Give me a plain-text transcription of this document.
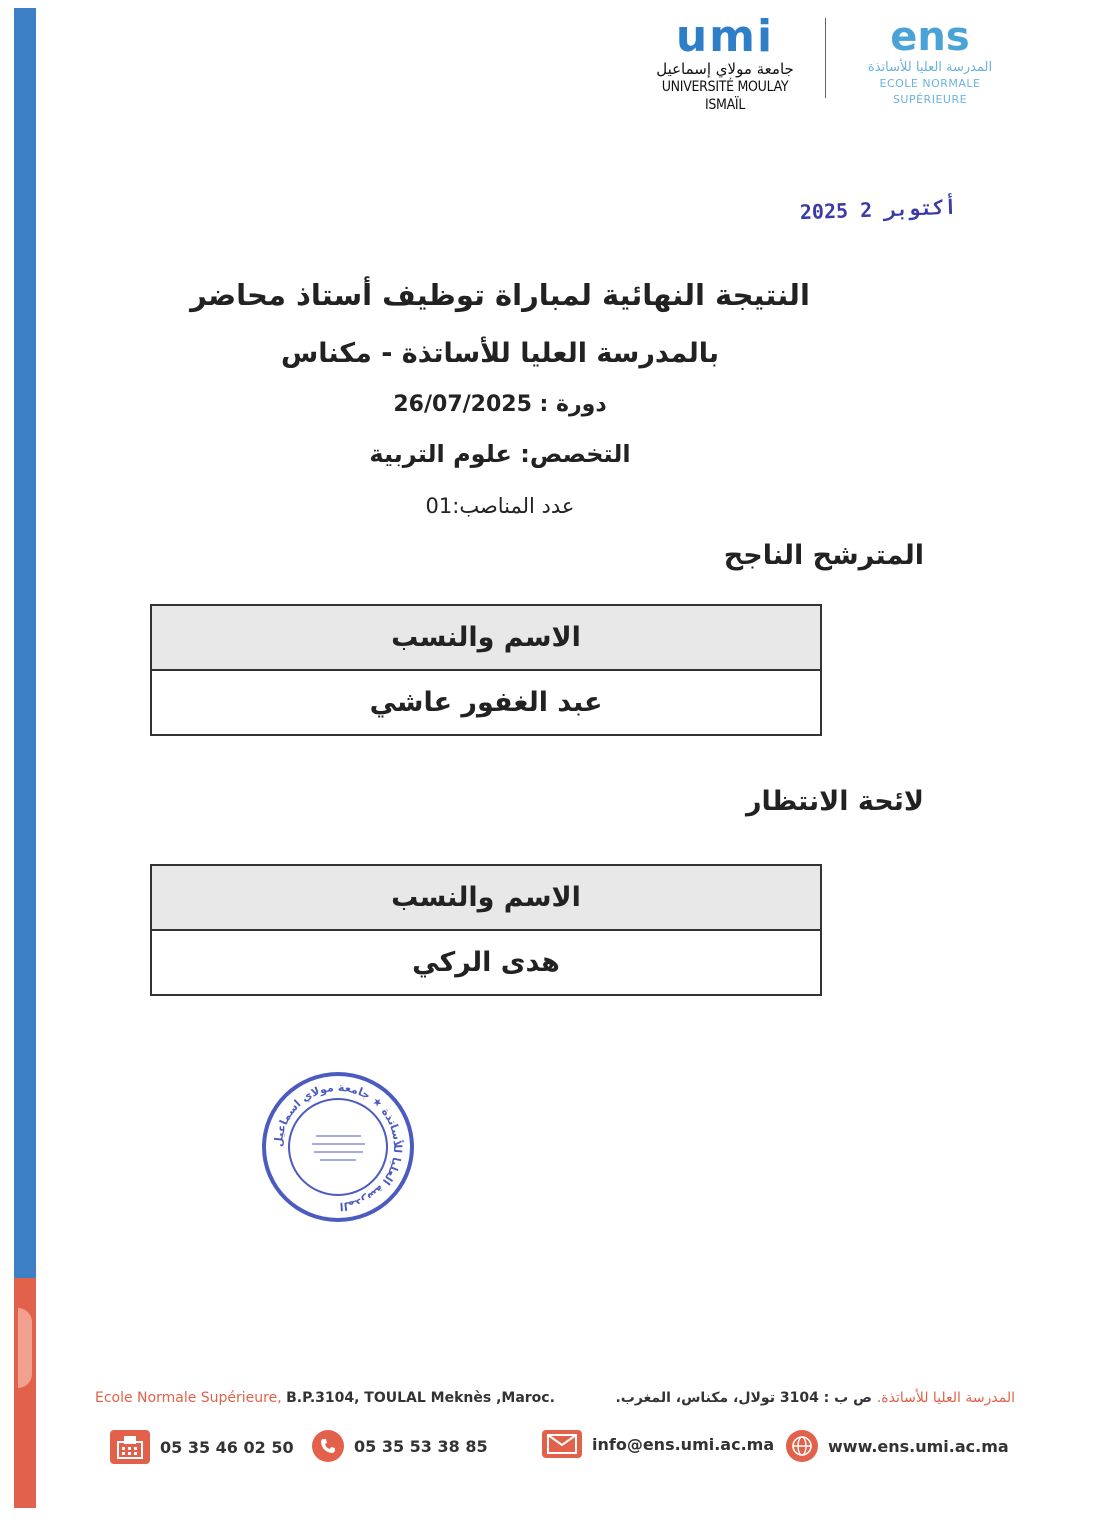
umi
جامعة مولاي إسماعيل
UNIVERSITÉ MOULAY ISMAÏL
ens
المدرسة العليا للأساتذة
ECOLE NORMALE SUPÉRIEURE
2025 أكتوبر 2
النتيجة النهائية لمباراة توظيف أستاذ محاضر
بالمدرسة العليا للأساتذة - مكناس
دورة : 26/07/2025
التخصص: علوم التربية
عدد المناصب:01
المترشح الناجح
الاسم والنسب
عبد الغفور عاشي
لائحة الانتظار
الاسم والنسب
هدى الركي
المدرسة العليا للأساتذة ★ جامعة مولاي اسماعيل
Ecole Normale Supérieure, B.P.3104, TOULAL Meknès ,Maroc.	المدرسة العليا للأساتذة. ص ب : 3104 تولال، مكناس، المغرب.
05 35 46 02 50	05 35 53 38 85	info@ens.umi.ac.ma	www.ens.umi.ac.ma
